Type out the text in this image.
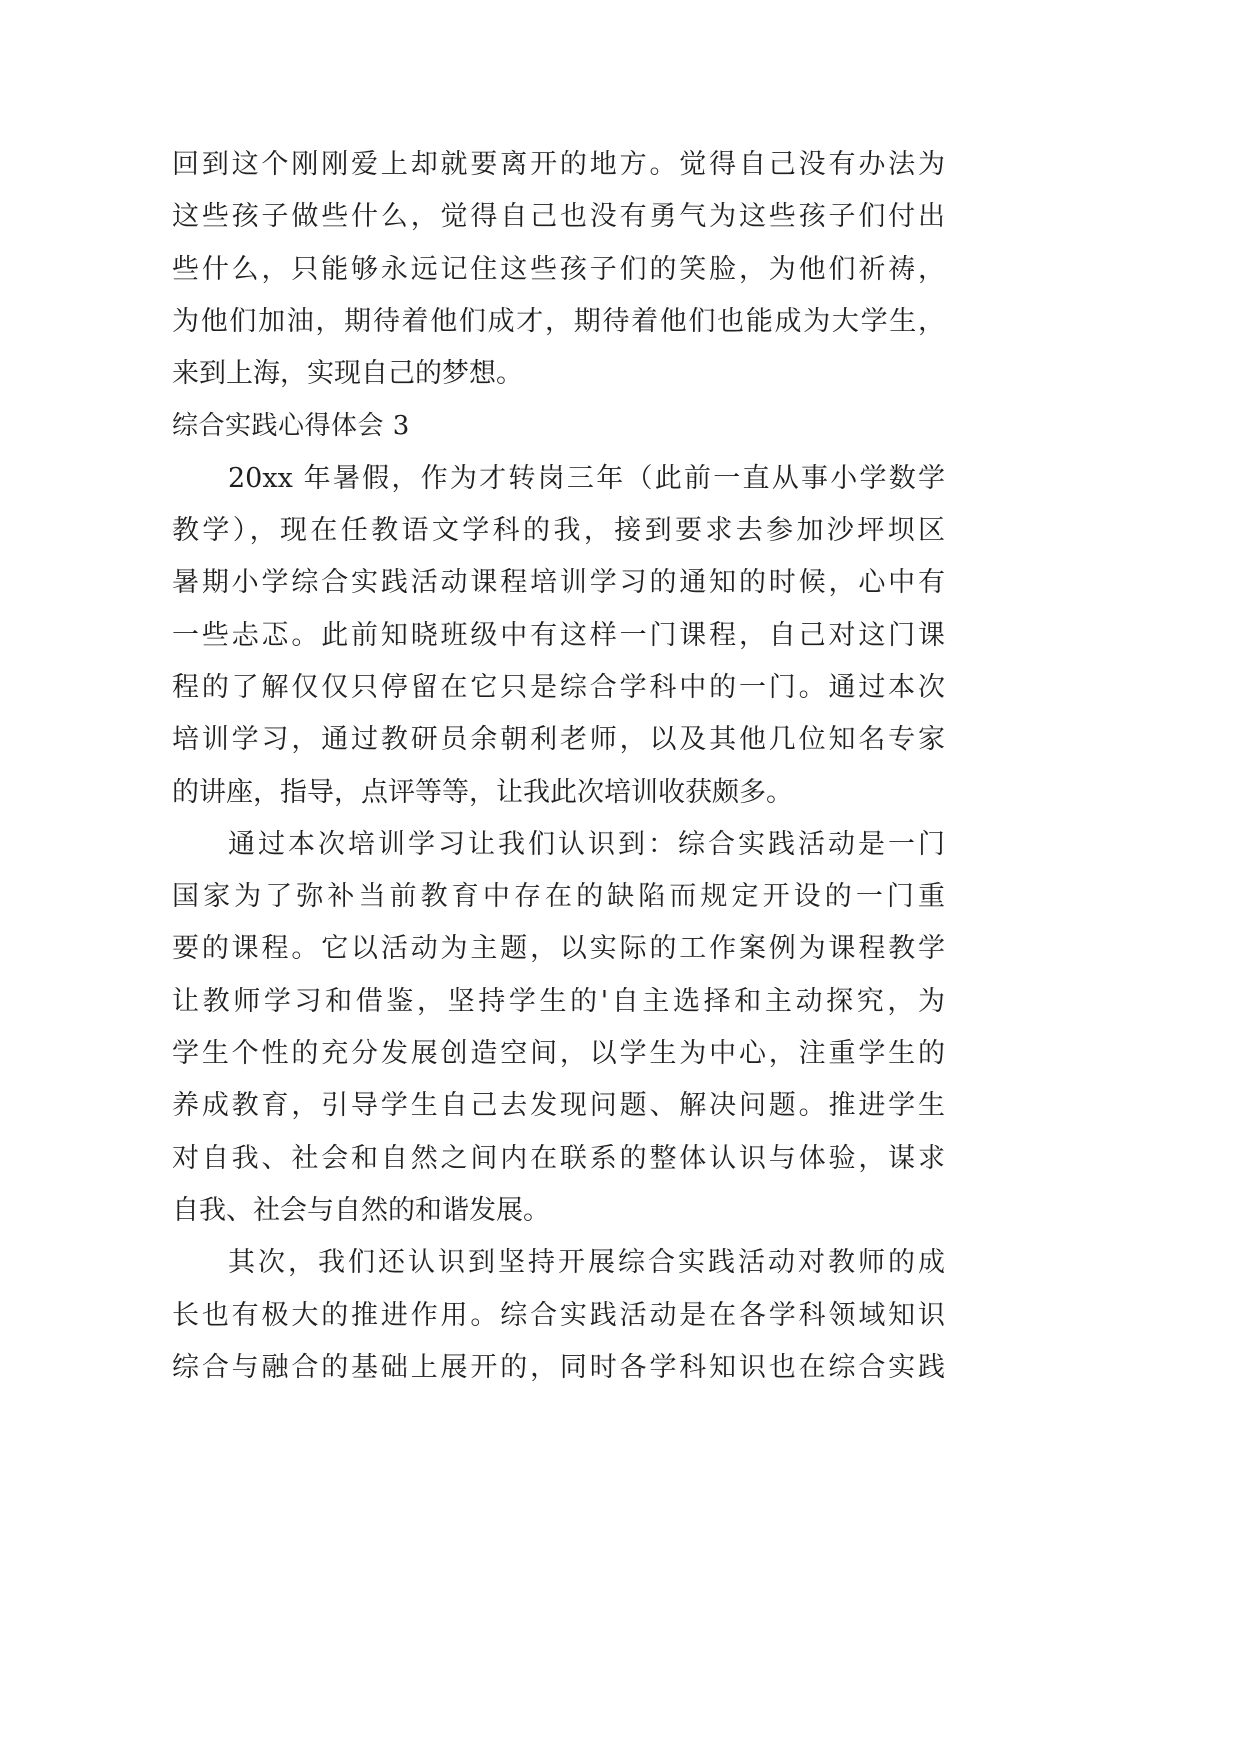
回到这个刚刚爱上却就要离开的地方。觉得自己没有办法为
这些孩子做些什么，觉得自己也没有勇气为这些孩子们付出
些什么，只能够永远记住这些孩子们的笑脸，为他们祈祷，
为他们加油，期待着他们成才，期待着他们也能成为大学生，
来到上海，实现自己的梦想。
综合实践心得体会 3
20xx 年暑假，作为才转岗三年（此前一直从事小学数学
教学），现在任教语文学科的我，接到要求去参加沙坪坝区
暑期小学综合实践活动课程培训学习的通知的时候，心中有
一些忐忑。此前知晓班级中有这样一门课程，自己对这门课
程的了解仅仅只停留在它只是综合学科中的一门。通过本次
培训学习，通过教研员余朝利老师，以及其他几位知名专家
的讲座，指导，点评等等，让我此次培训收获颇多。
通过本次培训学习让我们认识到：综合实践活动是一门
国家为了弥补当前教育中存在的缺陷而规定开设的一门重
要的课程。它以活动为主题，以实际的工作案例为课程教学
让教师学习和借鉴，坚持学生的'自主选择和主动探究，为
学生个性的充分发展创造空间，以学生为中心，注重学生的
养成教育，引导学生自己去发现问题、解决问题。推进学生
对自我、社会和自然之间内在联系的整体认识与体验，谋求
自我、社会与自然的和谐发展。
其次，我们还认识到坚持开展综合实践活动对教师的成
长也有极大的推进作用。综合实践活动是在各学科领域知识
综合与融合的基础上展开的，同时各学科知识也在综合实践
